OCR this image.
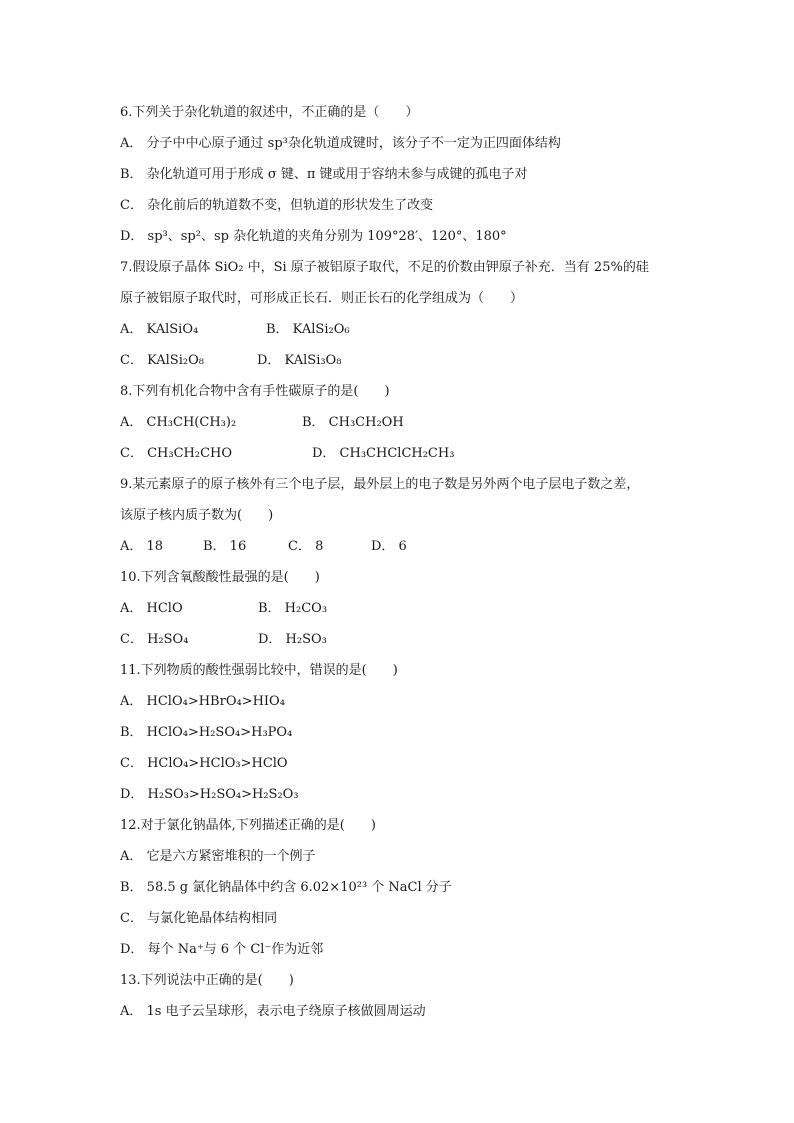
6.下列关于杂化轨道的叙述中，不正确的是（　　）
A． 分子中中心原子通过 sp³杂化轨道成键时，该分子不一定为正四面体结构
B． 杂化轨道可用于形成 σ 键、π 键或用于容纳未参与成键的孤电子对
C． 杂化前后的轨道数不变，但轨道的形状发生了改变
D． sp³、sp²、sp 杂化轨道的夹角分别为 109°28′、120°、180°
7.假设原子晶体 SiO₂ 中，Si 原子被铝原子取代，不足的价数由钾原子补充．当有 25%的硅
原子被铝原子取代时，可形成正长石．则正长石的化学组成为（　　）
A． KAlSiO₄	B． KAlSi₂O₆
C． KAlSi₂O₈	D． KAlSi₃O₈
8.下列有机化合物中含有手性碳原子的是(　　)
A． CH₃CH(CH₃)₂	B． CH₃CH₂OH
C． CH₃CH₂CHO	D． CH₃CHClCH₂CH₃
9.某元素原子的原子核外有三个电子层，最外层上的电子数是另外两个电子层电子数之差，
该原子核内质子数为(　　)
A． 18	B． 16	C． 8	D． 6
10.下列含氧酸酸性最强的是(　　)
A． HClO	B． H₂CO₃
C． H₂SO₄	D． H₂SO₃
11.下列物质的酸性强弱比较中，错误的是(　　)
A． HClO₄>HBrO₄>HIO₄
B． HClO₄>H₂SO₄>H₃PO₄
C． HClO₄>HClO₃>HClO
D． H₂SO₃>H₂SO₄>H₂S₂O₃
12.对于氯化钠晶体,下列描述正确的是(　　)
A． 它是六方紧密堆积的一个例子
B． 58.5 g 氯化钠晶体中约含 6.02×10²³ 个 NaCl 分子
C． 与氯化铯晶体结构相同
D． 每个 Na⁺与 6 个 Cl⁻作为近邻
13.下列说法中正确的是(　　)
A． 1s 电子云呈球形，表示电子绕原子核做圆周运动
